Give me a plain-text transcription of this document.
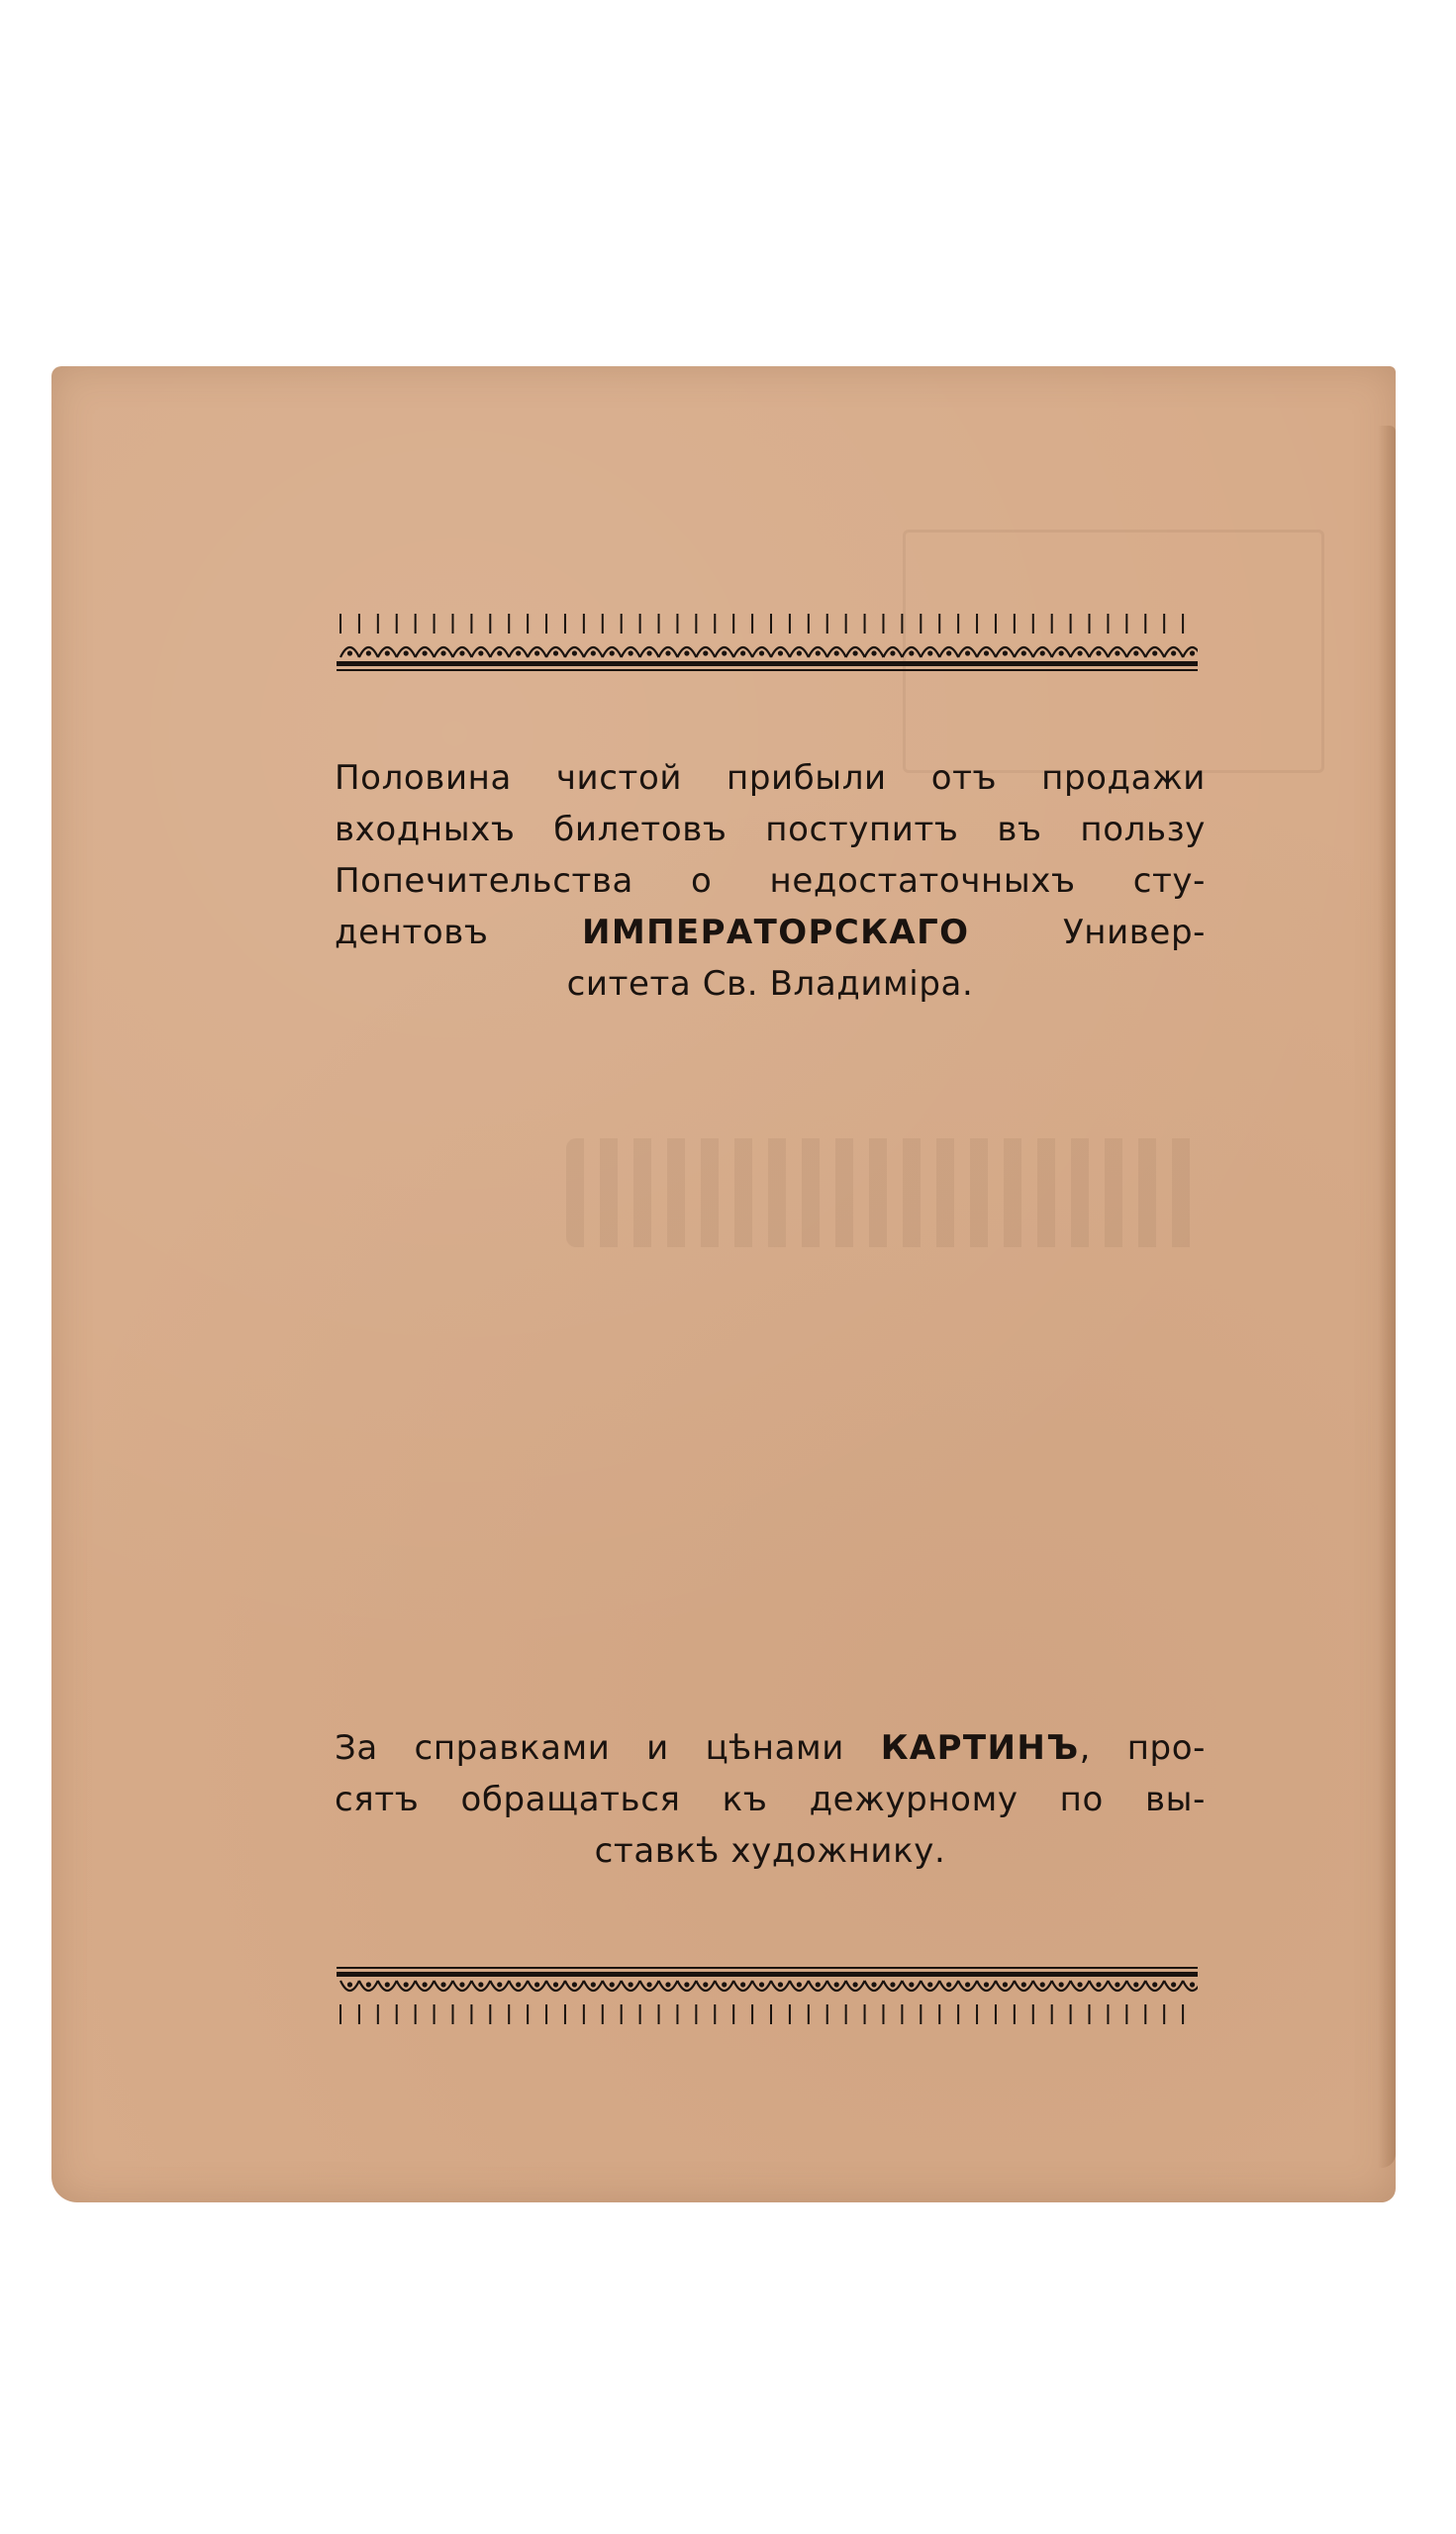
Половина чистой прибыли отъ продажи
входныхъ билетовъ поступитъ въ пользу
Попечительства о недостаточныхъ сту-
дентовъ ИМПЕРАТОРСКАГО Универ-
ситета Св. Владиміра.
За справками и цѣнами КАРТИНЪ, про-
сятъ обращаться къ дежурному по вы-
ставкѣ художнику.
